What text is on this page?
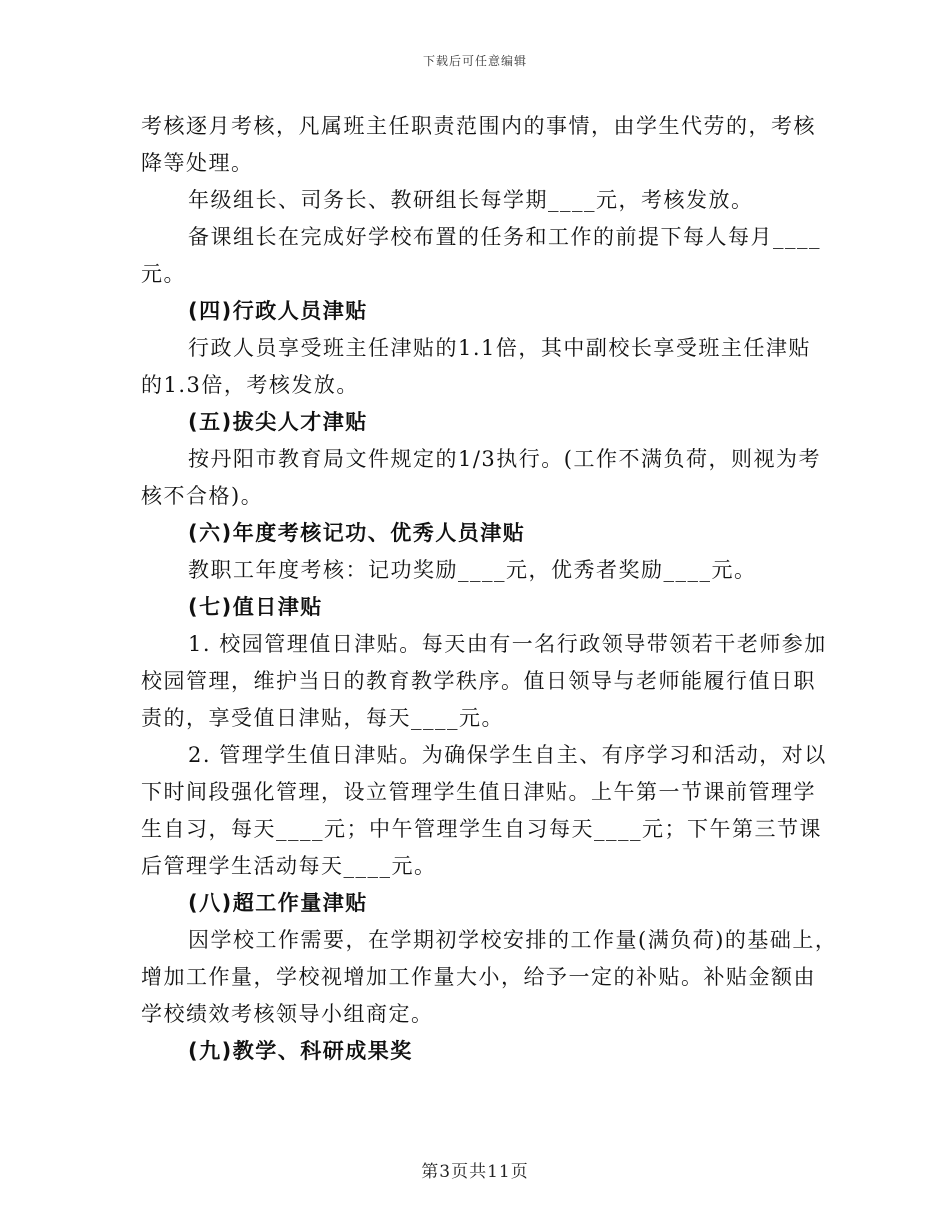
下载后可任意编辑

考核逐月考核，凡属班主任职责范围内的事情，由学生代劳的，考核

降等处理。

年级组长、司务长、教研组长每学期____元，考核发放。

备课组长在完成好学校布置的任务和工作的前提下每人每月____

元。

(四)行政人员津贴

行政人员享受班主任津贴的1.1倍，其中副校长享受班主任津贴

的1.3倍，考核发放。

(五)拔尖人才津贴

按丹阳市教育局文件规定的1/3执行。(工作不满负荷，则视为考

核不合格)。

(六)年度考核记功、优秀人员津贴

教职工年度考核：记功奖励____元，优秀者奖励____元。

(七)值日津贴

1. 校园管理值日津贴。每天由有一名行政领导带领若干老师参加

校园管理，维护当日的教育教学秩序。值日领导与老师能履行值日职

责的，享受值日津贴，每天____元。

2. 管理学生值日津贴。为确保学生自主、有序学习和活动，对以

下时间段强化管理，设立管理学生值日津贴。上午第一节课前管理学

生自习，每天____元；中午管理学生自习每天____元；下午第三节课

后管理学生活动每天____元。

(八)超工作量津贴

因学校工作需要，在学期初学校安排的工作量(满负荷)的基础上，

增加工作量，学校视增加工作量大小，给予一定的补贴。补贴金额由

学校绩效考核领导小组商定。

(九)教学、科研成果奖

第3页共11页
